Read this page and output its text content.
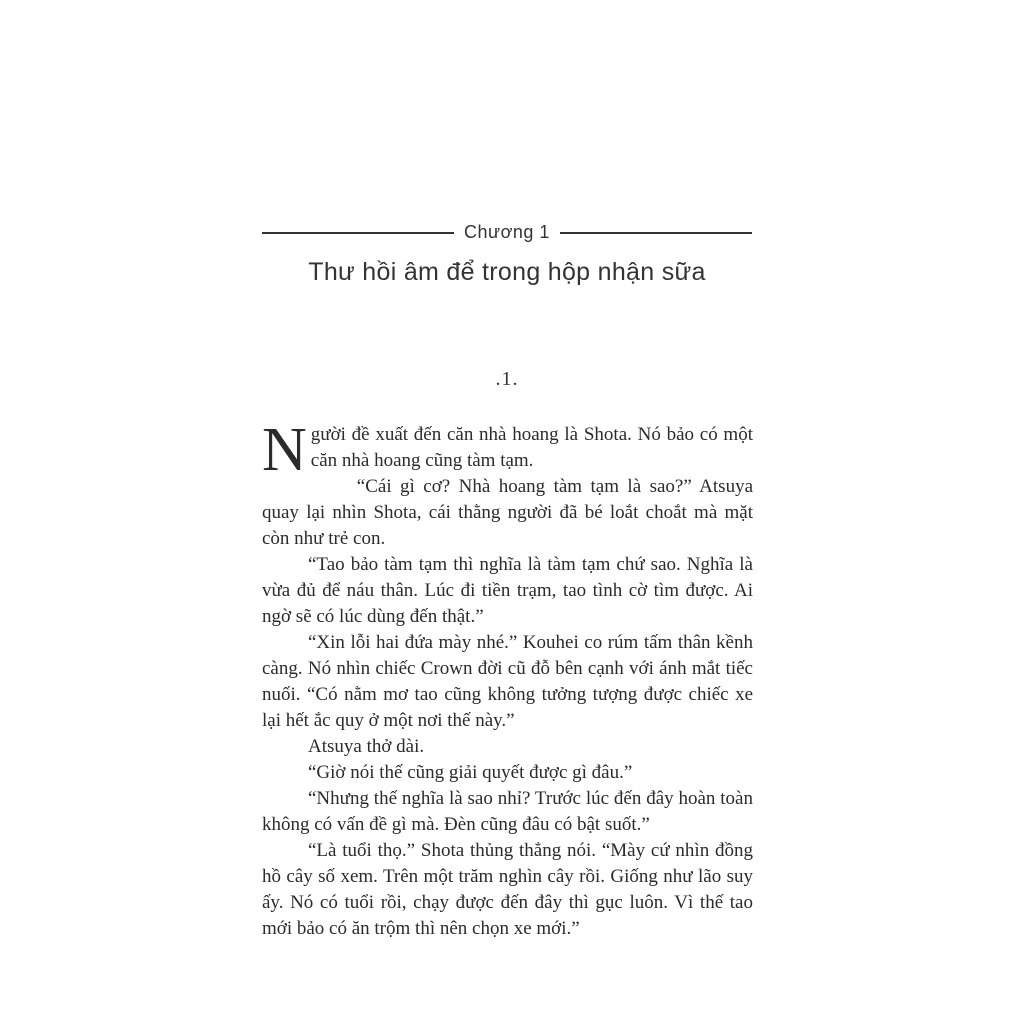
Chương 1
Thư hồi âm để trong hộp nhận sữa
.1.

Người đề xuất đến căn nhà hoang là Shota. Nó bảo có một căn nhà hoang cũng tàm tạm.

“Cái gì cơ? Nhà hoang tàm tạm là sao?” Atsuya quay lại nhìn Shota, cái thằng người đã bé loắt choắt mà mặt còn như trẻ con.

“Tao bảo tàm tạm thì nghĩa là tàm tạm chứ sao. Nghĩa là vừa đủ để náu thân. Lúc đi tiền trạm, tao tình cờ tìm được. Ai ngờ sẽ có lúc dùng đến thật.”

“Xin lỗi hai đứa mày nhé.” Kouhei co rúm tấm thân kềnh càng. Nó nhìn chiếc Crown đời cũ đỗ bên cạnh với ánh mắt tiếc nuối. “Có nằm mơ tao cũng không tưởng tượng được chiếc xe lại hết ắc quy ở một nơi thế này.”

Atsuya thở dài.

“Giờ nói thế cũng giải quyết được gì đâu.”

“Nhưng thế nghĩa là sao nhỉ? Trước lúc đến đây hoàn toàn không có vấn đề gì mà. Đèn cũng đâu có bật suốt.”

“Là tuổi thọ.” Shota thủng thẳng nói. “Mày cứ nhìn đồng hồ cây số xem. Trên một trăm nghìn cây rồi. Giống như lão suy ấy. Nó có tuổi rồi, chạy được đến đây thì gục luôn. Vì thế tao mới bảo có ăn trộm thì nên chọn xe mới.”
